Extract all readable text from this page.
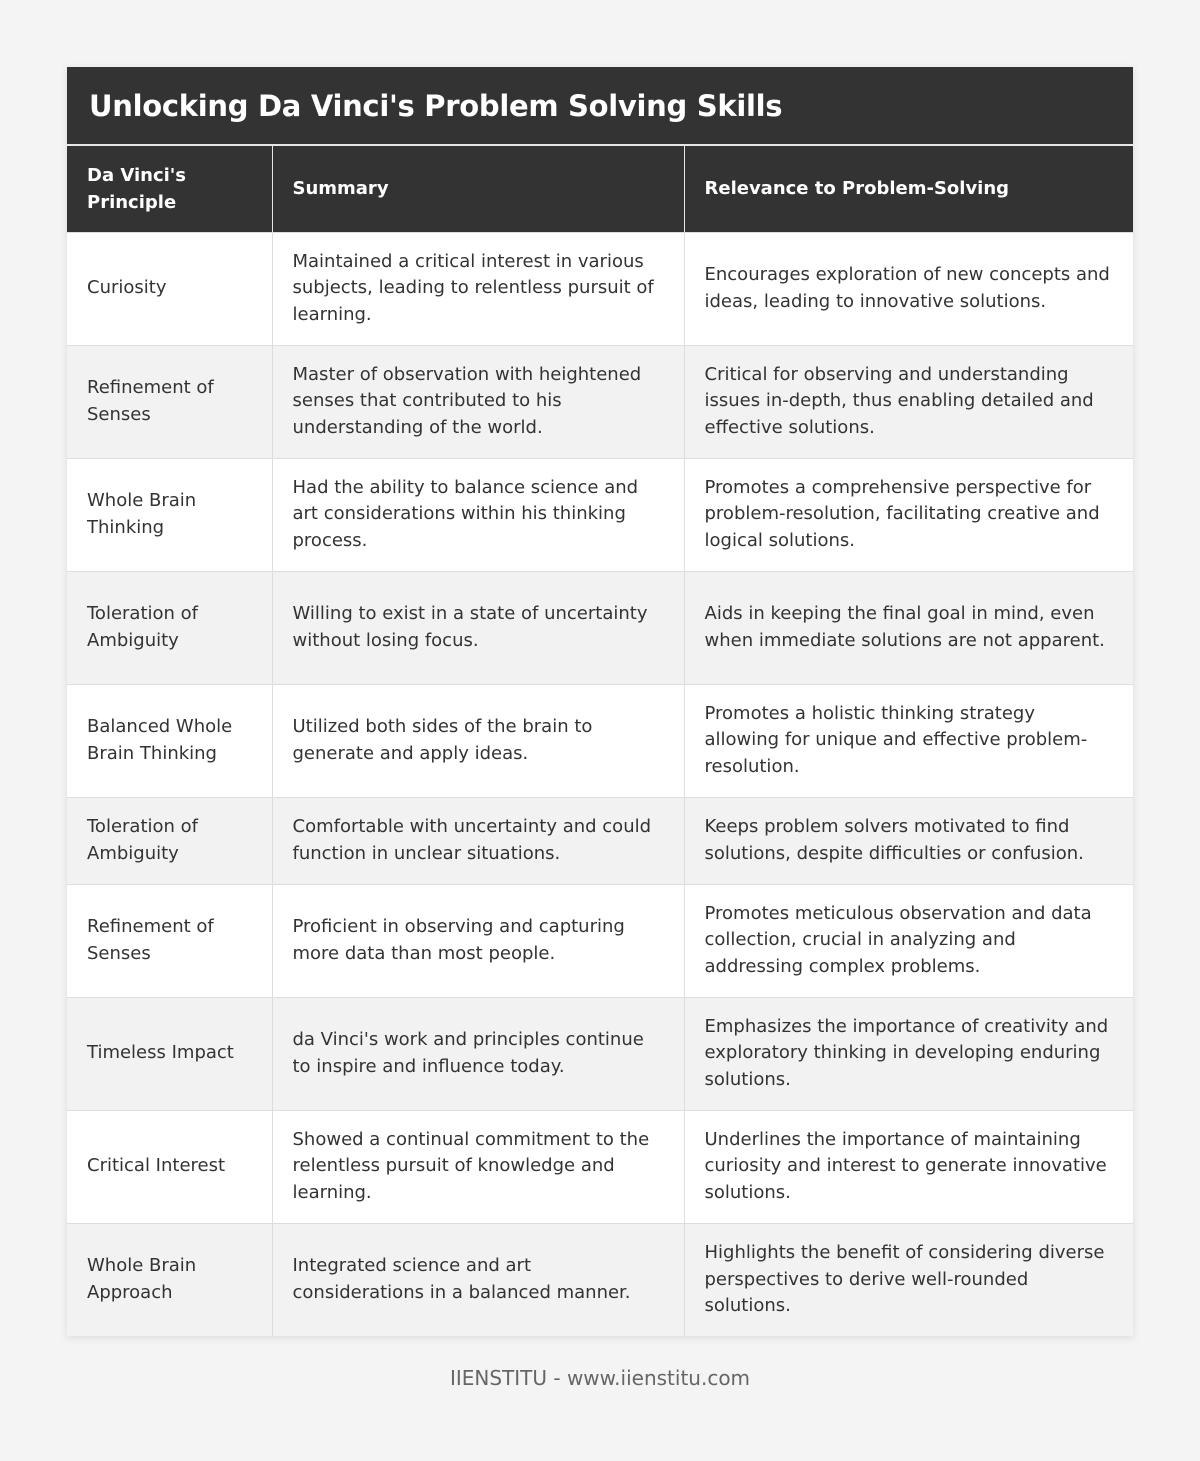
Unlocking Da Vinci's Problem Solving Skills
Da Vinci's Principle	Summary	Relevance to Problem-Solving
Curiosity	Maintained a critical interest in various subjects, leading to relentless pursuit of learning.	Encourages exploration of new concepts and ideas, leading to innovative solutions.
Refinement of Senses	Master of observation with heightened senses that contributed to his understanding of the world.	Critical for observing and understanding issues in-depth, thus enabling detailed and effective solutions.
Whole Brain Thinking	Had the ability to balance science and art considerations within his thinking process.	Promotes a comprehensive perspective for problem-resolution, facilitating creative and logical solutions.
Toleration of Ambiguity	Willing to exist in a state of uncertainty without losing focus.	Aids in keeping the final goal in mind, even when immediate solutions are not apparent.
Balanced Whole Brain Thinking	Utilized both sides of the brain to generate and apply ideas.	Promotes a holistic thinking strategy allowing for unique and effective problem-resolution.
Toleration of Ambiguity	Comfortable with uncertainty and could function in unclear situations.	Keeps problem solvers motivated to find solutions, despite difficulties or confusion.
Refinement of Senses	Proficient in observing and capturing more data than most people.	Promotes meticulous observation and data collection, crucial in analyzing and addressing complex problems.
Timeless Impact	da Vinci's work and principles continue to inspire and influence today.	Emphasizes the importance of creativity and exploratory thinking in developing enduring solutions.
Critical Interest	Showed a continual commitment to the relentless pursuit of knowledge and learning.	Underlines the importance of maintaining curiosity and interest to generate innovative solutions.
Whole Brain Approach	Integrated science and art considerations in a balanced manner.	Highlights the benefit of considering diverse perspectives to derive well-rounded solutions.
IIENSTITU - www.iienstitu.com
